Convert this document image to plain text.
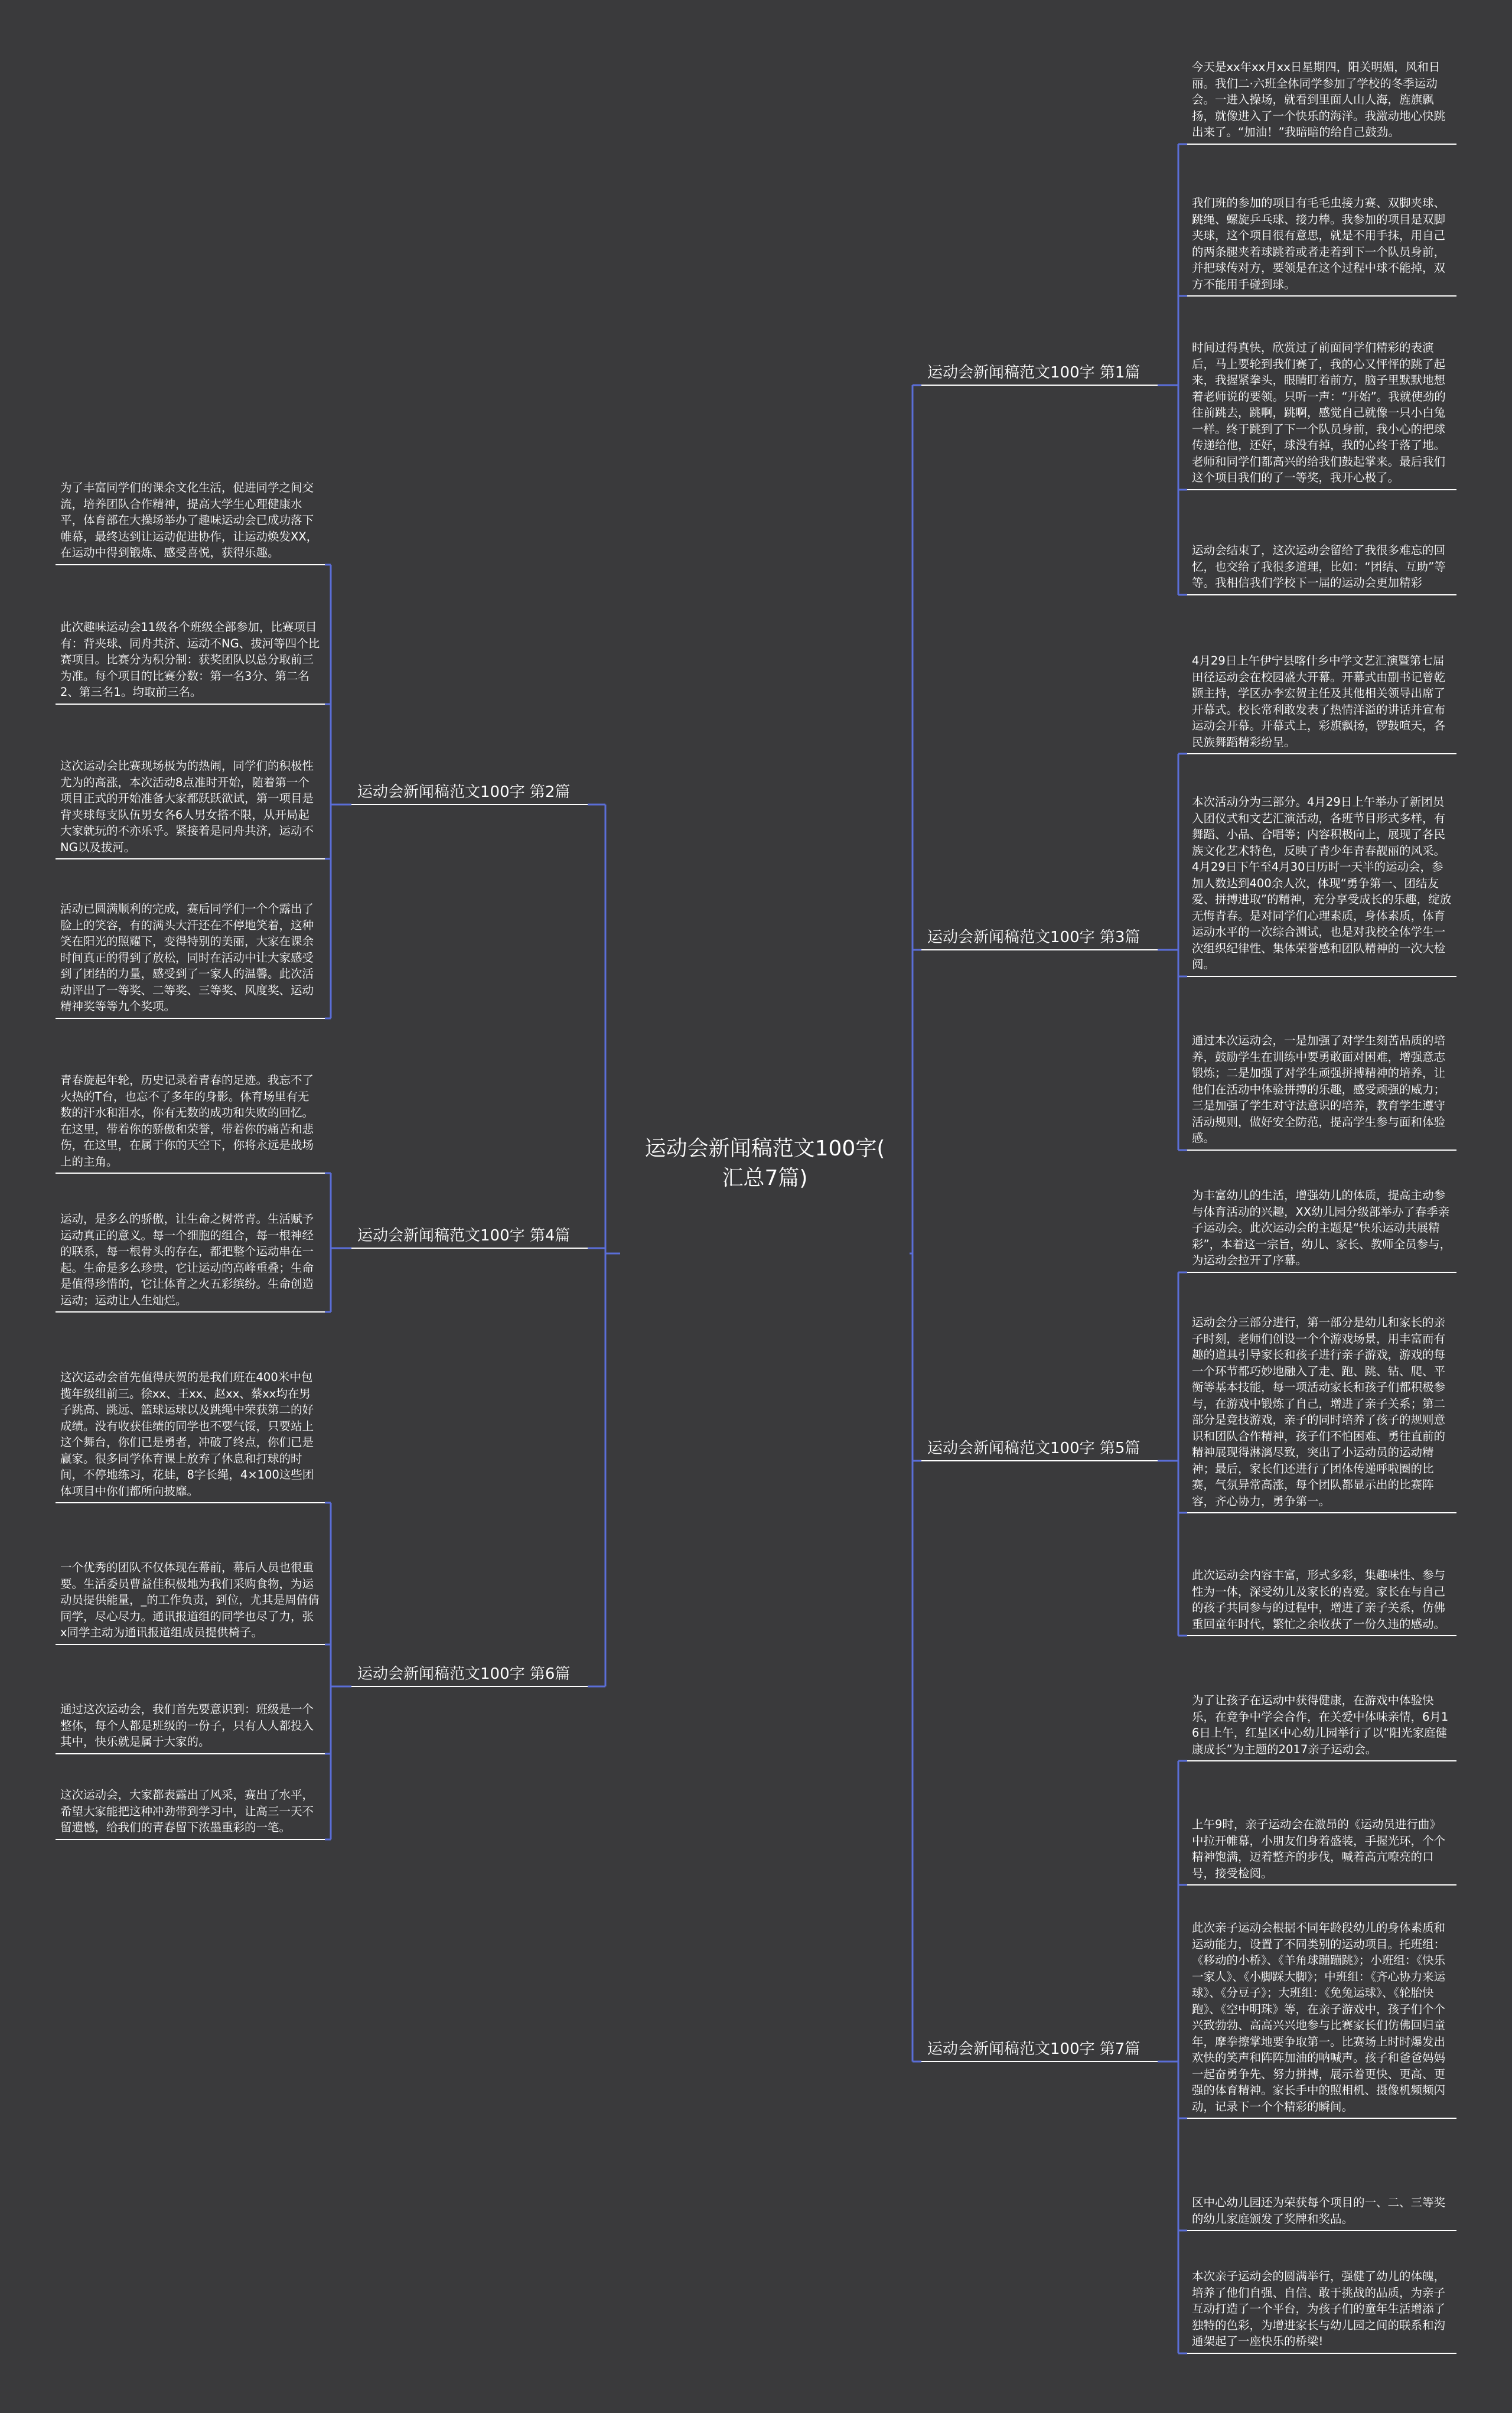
运动会新闻稿范文100字(
汇总7篇)
运动会新闻稿范文100字 第1篇
今天是xx年xx月xx日星期四，阳关明媚，风和日丽。我们二·六班全体同学参加了学校的冬季运动会。一进入操场，就看到里面人山人海，旌旗飘扬，就像进入了一个快乐的海洋。我激动地心快跳出来了。“加油！”我暗暗的给自己鼓劲。
我们班的参加的项目有毛毛虫接力赛、双脚夹球、跳绳、螺旋乒乓球、接力棒。我参加的项目是双脚夹球，这个项目很有意思，就是不用手抹，用自己的两条腿夹着球跳着或者走着到下一个队员身前，并把球传对方，要领是在这个过程中球不能掉，双方不能用手碰到球。
时间过得真快，欣赏过了前面同学们精彩的表演后，马上要轮到我们赛了，我的心又怦怦的跳了起来，我握紧拳头，眼睛盯着前方，脑子里默默地想着老师说的要领。只听一声：“开始”。我就使劲的往前跳去，跳啊，跳啊，感觉自己就像一只小白兔一样。终于跳到了下一个队员身前，我小心的把球传递给他，还好，球没有掉，我的心终于落了地。老师和同学们都高兴的给我们鼓起掌来。最后我们这个项目我们的了一等奖，我开心极了。
运动会结束了，这次运动会留给了我很多难忘的回忆，也交给了我很多道理，比如：“团结、互助”等等。我相信我们学校下一届的运动会更加精彩
运动会新闻稿范文100字 第2篇
为了丰富同学们的课余文化生活，促进同学之间交流，培养团队合作精神，提高大学生心理健康水平，体育部在大操场举办了趣味运动会已成功落下帷幕，最终达到让运动促进协作，让运动焕发XX，在运动中得到锻炼、感受喜悦，获得乐趣。
此次趣味运动会11级各个班级全部参加，比赛项目有：背夹球、同舟共济、运动不NG、拔河等四个比赛项目。比赛分为积分制：获奖团队以总分取前三为准。每个项目的比赛分数：第一名3分、第二名2、第三名1。均取前三名。
这次运动会比赛现场极为的热闹，同学们的积极性尤为的高涨，本次活动8点准时开始，随着第一个项目正式的开始准备大家都跃跃欲试，第一项目是背夹球每支队伍男女各6人男女搭不限，从开局起大家就玩的不亦乐乎。紧接着是同舟共济，运动不NG以及拔河。
活动已圆满顺利的完成，赛后同学们一个个露出了脸上的笑容，有的满头大汗还在不停地笑着，这种笑在阳光的照耀下，变得特别的美丽，大家在课余时间真正的得到了放松，同时在活动中让大家感受到了团结的力量，感受到了一家人的温馨。此次活动评出了一等奖、二等奖、三等奖、风度奖、运动精神奖等等九个奖项。
运动会新闻稿范文100字 第3篇
4月29日上午伊宁县喀什乡中学文艺汇演暨第七届田径运动会在校园盛大开幕。开幕式由副书记曾乾颢主持，学区办李宏贺主任及其他相关领导出席了开幕式。校长常利敢发表了热情洋溢的讲话并宣布运动会开幕。开幕式上，彩旗飘扬，锣鼓喧天，各民族舞蹈精彩纷呈。
本次活动分为三部分。4月29日上午举办了新团员入团仪式和文艺汇演活动，各班节目形式多样，有舞蹈、小品、合唱等；内容积极向上，展现了各民族文化艺术特色，反映了青少年青春靓丽的风采。4月29日下午至4月30日历时一天半的运动会，参加人数达到400余人次，体现“勇争第一、团结友爱、拼搏进取”的精神，充分享受成长的乐趣，绽放无悔青春。是对同学们心理素质，身体素质，体育运动水平的一次综合测试，也是对我校全体学生一次组织纪律性、集体荣誉感和团队精神的一次大检阅。
通过本次运动会，一是加强了对学生刻苦品质的培养，鼓励学生在训练中要勇敢面对困难，增强意志锻炼；二是加强了对学生顽强拼搏精神的培养，让他们在活动中体验拼搏的乐趣，感受顽强的威力；三是加强了学生对守法意识的培养，教育学生遵守活动规则，做好安全防范，提高学生参与面和体验感。
运动会新闻稿范文100字 第4篇
青春旋起年轮，历史记录着青春的足迹。我忘不了火热的T台，也忘不了多年的身影。体育场里有无数的汗水和泪水，你有无数的成功和失败的回忆。在这里，带着你的骄傲和荣誉，带着你的痛苦和悲伤，在这里，在属于你的天空下，你将永远是战场上的主角。
运动，是多么的骄傲，让生命之树常青。生活赋予运动真正的意义。每一个细胞的组合，每一根神经的联系，每一根骨头的存在，都把整个运动串在一起。生命是多么珍贵，它让运动的高峰重叠；生命是值得珍惜的，它让体育之火五彩缤纷。生命创造运动；运动让人生灿烂。
运动会新闻稿范文100字 第5篇
为丰富幼儿的生活，增强幼儿的体质，提高主动参与体育活动的兴趣，XX幼儿园分级部举办了春季亲子运动会。此次运动会的主题是“快乐运动共展精彩”，本着这一宗旨，幼儿、家长、教师全员参与，为运动会拉开了序幕。
运动会分三部分进行，第一部分是幼儿和家长的亲子时刻，老师们创设一个个游戏场景，用丰富而有趣的道具引导家长和孩子进行亲子游戏，游戏的每一个环节都巧妙地融入了走、跑、跳、钻、爬、平衡等基本技能，每一项活动家长和孩子们都积极参与，在游戏中锻炼了自己，增进了亲子关系；第二部分是竞技游戏，亲子的同时培养了孩子的规则意识和团队合作精神，孩子们不怕困难、勇往直前的精神展现得淋漓尽致，突出了小运动员的运动精神；最后，家长们还进行了团体传递呼啦圈的比赛，气氛异常高涨，每个团队都显示出的比赛阵容，齐心协力，勇争第一。
此次运动会内容丰富，形式多彩，集趣味性、参与性为一体，深受幼儿及家长的喜爱。家长在与自己的孩子共同参与的过程中，增进了亲子关系，仿佛重回童年时代，繁忙之余收获了一份久违的感动。
运动会新闻稿范文100字 第6篇
这次运动会首先值得庆贺的是我们班在400米中包揽年级组前三。徐xx、王xx、赵xx、蔡xx均在男子跳高、跳远、篮球运球以及跳绳中荣获第二的好成绩。没有收获佳绩的同学也不要气馁，只要站上这个舞台，你们已是勇者，冲破了终点，你们已是赢家。很多同学体育课上放弃了休息和打球的时间，不停地练习，花蛙，8字长绳，4×100这些团体项目中你们都所向披靡。
一个优秀的团队不仅体现在幕前，幕后人员也很重要。生活委员曹益佳积极地为我们采购食物，为运动员提供能量，_的工作负责，到位，尤其是周倩倩同学，尽心尽力。通讯报道组的同学也尽了力，张x同学主动为通讯报道组成员提供椅子。
通过这次运动会，我们首先要意识到：班级是一个整体，每个人都是班级的一份子，只有人人都投入其中，快乐就是属于大家的。
这次运动会，大家都表露出了风采，赛出了水平，希望大家能把这种冲劲带到学习中，让高三一天不留遗憾，给我们的青春留下浓墨重彩的一笔。
运动会新闻稿范文100字 第7篇
为了让孩子在运动中获得健康，在游戏中体验快乐，在竞争中学会合作，在关爱中体味亲情，6月16日上午，红星区中心幼儿园举行了以“阳光家庭健康成长”为主题的2017亲子运动会。
上午9时，亲子运动会在激昂的《运动员进行曲》中拉开帷幕，小朋友们身着盛装，手握光环，个个精神饱满，迈着整齐的步伐，喊着高亢嘹亮的口号，接受检阅。
此次亲子运动会根据不同年龄段幼儿的身体素质和运动能力，设置了不同类别的运动项目。托班组：《移动的小桥》、《羊角球蹦蹦跳》；小班组：《快乐一家人》、《小脚踩大脚》；中班组：《齐心协力来运球》、《分豆子》；大班组：《免兔运球》、《轮胎快跑》、《空中明珠》等，在亲子游戏中，孩子们个个兴致勃勃、高高兴兴地参与比赛家长们仿佛回归童年，摩拳擦掌地要争取第一。比赛场上时时爆发出欢快的笑声和阵阵加油的呐喊声。孩子和爸爸妈妈一起奋勇争先、努力拼搏，展示着更快、更高、更强的体育精神。家长手中的照相机、摄像机频频闪动，记录下一个个精彩的瞬间。
区中心幼儿园还为荣获每个项目的一、二、三等奖的幼儿家庭颁发了奖牌和奖品。
本次亲子运动会的圆满举行，强健了幼儿的体魄，培养了他们自强、自信、敢于挑战的品质，为亲子互动打造了一个平台，为孩子们的童年生活增添了独特的色彩，为增进家长与幼儿园之间的联系和沟通架起了一座快乐的桥梁!
